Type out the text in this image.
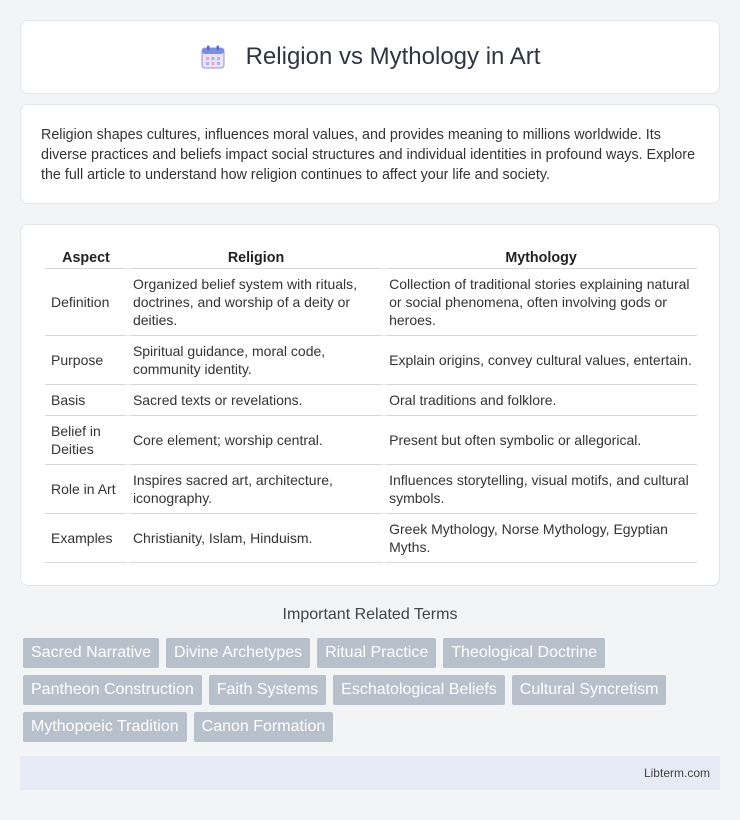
Religion vs Mythology in Art

Religion shapes cultures, influences moral values, and provides meaning to millions worldwide. Its diverse practices and beliefs impact social structures and individual identities in profound ways. Explore the full article to understand how religion continues to affect your life and society.

Aspect	Religion	Mythology
Definition	Organized belief system with rituals, doctrines, and worship of a deity or deities.	Collection of traditional stories explaining natural or social phenomena, often involving gods or heroes.
Purpose	Spiritual guidance, moral code, community identity.	Explain origins, convey cultural values, entertain.
Basis	Sacred texts or revelations.	Oral traditions and folklore.
Belief in Deities	Core element; worship central.	Present but often symbolic or allegorical.
Role in Art	Inspires sacred art, architecture, iconography.	Influences storytelling, visual motifs, and cultural symbols.
Examples	Christianity, Islam, Hinduism.	Greek Mythology, Norse Mythology, Egyptian Myths.
Important Related Terms
Sacred Narrative	Divine Archetypes	Ritual Practice	Theological Doctrine
Pantheon Construction	Faith Systems	Eschatological Beliefs	Cultural Syncretism
Mythopoeic Tradition	Canon Formation
Libterm.com
